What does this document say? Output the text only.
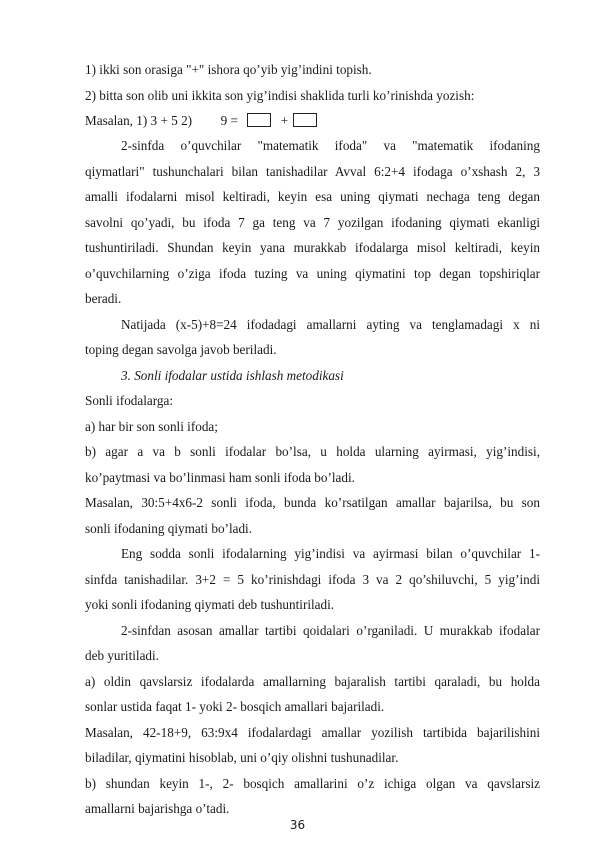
1) ikki son orasiga "+" ishora qo’yib yig’indini topish.
2) bitta son olib uni ikkita son yig’indisi shaklida turli ko’rinishda yozish:
Masalan, 1) 3 + 5 2) 9 =	+
2-sinfda o’quvchilar "matematik ifoda" va "matematik ifodaning
qiymatlari" tushunchalari bilan tanishadilar Avval 6:2+4 ifodaga o’xshash 2, 3
amalli ifodalarni misol keltiradi, keyin esa uning qiymati nechaga teng degan
savolni qo’yadi, bu ifoda 7 ga teng va 7 yozilgan ifodaning qiymati ekanligi
tushuntiriladi. Shundan keyin yana murakkab ifodalarga misol keltiradi, keyin
o’quvchilarning o’ziga ifoda tuzing va uning qiymatini top degan topshiriqlar
beradi.
Natijada (x-5)+8=24 ifodadagi amallarni ayting va tenglamadagi x ni
toping degan savolga javob beriladi.
3. Sonli ifodalar ustida ishlash metodikasi
Sonli ifodalarga:
a) har bir son sonli ifoda;
b) agar a va b sonli ifodalar bo’lsa, u holda ularning ayirmasi, yig’indisi,
ko’paytmasi va bo’linmasi ham sonli ifoda bo’ladi.
Masalan, 30:5+4x6-2 sonli ifoda, bunda ko’rsatilgan amallar bajarilsa, bu son
sonli ifodaning qiymati bo’ladi.
Eng sodda sonli ifodalarning yig’indisi va ayirmasi bilan o’quvchilar 1-
sinfda tanishadilar. 3+2 = 5 ko’rinishdagi ifoda 3 va 2 qo’shiluvchi, 5 yig’indi
yoki sonli ifodaning qiymati deb tushuntiriladi.
2-sinfdan asosan amallar tartibi qoidalari o’rganiladi. U murakkab ifodalar
deb yuritiladi.
a) oldin qavslarsiz ifodalarda amallarning bajaralish tartibi qaraladi, bu holda
sonlar ustida faqat 1- yoki 2- bosqich amallari bajariladi.
Masalan, 42-18+9, 63:9x4 ifodalardagi amallar yozilish tartibida bajarilishini
biladilar, qiymatini hisoblab, uni o’qiy olishni tushunadilar.
b) shundan keyin 1-, 2- bosqich amallarini o’z ichiga olgan va qavslarsiz
amallarni bajarishga o’tadi.
36
